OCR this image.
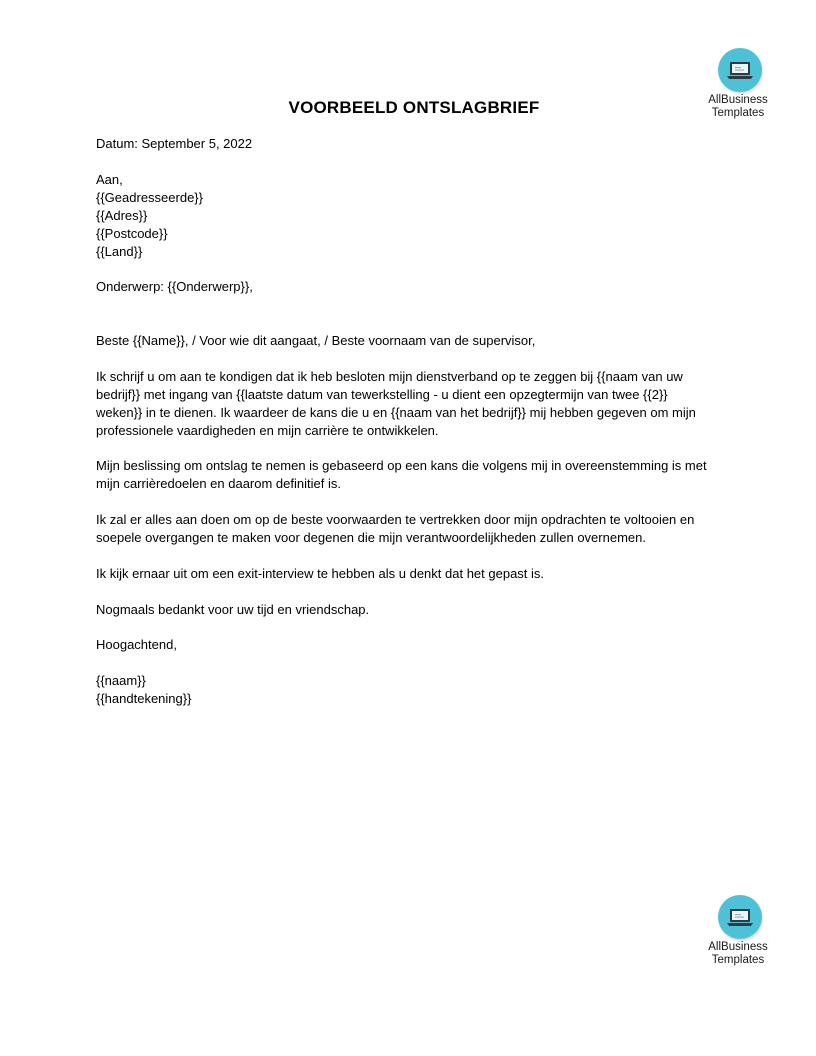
AllBusiness
Templates
VOORBEELD ONTSLAGBRIEF
Datum: September 5, 2022
Aan,
{{Geadresseerde}}
{{Adres}}
{{Postcode}}
{{Land}}
Onderwerp: {{Onderwerp}},
Beste {{Name}}, / Voor wie dit aangaat, / Beste voornaam van de supervisor,
Ik schrijf u om aan te kondigen dat ik heb besloten mijn dienstverband op te zeggen bij {{naam van uw
bedrijf}} met ingang van {{laatste datum van tewerkstelling - u dient een opzegtermijn van twee {{2}}
weken}} in te dienen. Ik waardeer de kans die u en {{naam van het bedrijf}} mij hebben gegeven om mijn
professionele vaardigheden en mijn carrière te ontwikkelen.
Mijn beslissing om ontslag te nemen is gebaseerd op een kans die volgens mij in overeenstemming is met
mijn carrièredoelen en daarom definitief is.
Ik zal er alles aan doen om op de beste voorwaarden te vertrekken door mijn opdrachten te voltooien en
soepele overgangen te maken voor degenen die mijn verantwoordelijkheden zullen overnemen.
Ik kijk ernaar uit om een exit-interview te hebben als u denkt dat het gepast is.
Nogmaals bedankt voor uw tijd en vriendschap.
Hoogachtend,
{{naam}}
{{handtekening}}
AllBusiness
Templates
